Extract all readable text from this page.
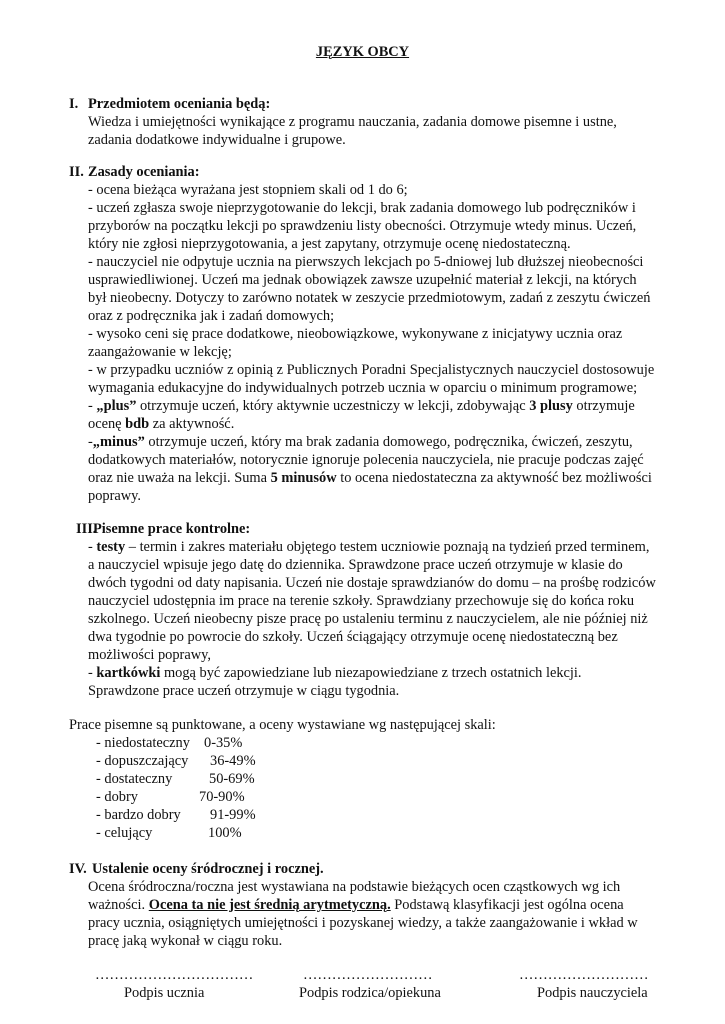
JĘZYK OBCY
I. Przedmiotem oceniania będą:
Wiedza i umiejętności wynikające z programu nauczania, zadania domowe pisemne i ustne,
zadania dodatkowe indywidualne i grupowe.
II. Zasady oceniania:
- ocena bieżąca wyrażana jest stopniem skali od 1 do 6;
- uczeń zgłasza swoje nieprzygotowanie do lekcji, brak zadania domowego lub podręczników i
przyborów na początku lekcji po sprawdzeniu listy obecności. Otrzymuje wtedy minus. Uczeń,
który nie zgłosi nieprzygotowania, a jest zapytany, otrzymuje ocenę niedostateczną.
- nauczyciel nie odpytuje ucznia na pierwszych lekcjach po 5-dniowej lub dłuższej nieobecności
usprawiedliwionej. Uczeń ma jednak obowiązek zawsze uzupełnić materiał z lekcji, na których
był nieobecny. Dotyczy to zarówno notatek w zeszycie przedmiotowym, zadań z zeszytu ćwiczeń
oraz z podręcznika jak i zadań domowych;
- wysoko ceni się prace dodatkowe, nieobowiązkowe, wykonywane z inicjatywy ucznia oraz
zaangażowanie w lekcję;
- w przypadku uczniów z opinią z Publicznych Poradni Specjalistycznych nauczyciel dostosowuje
wymagania edukacyjne do indywidualnych potrzeb ucznia w oparciu o minimum programowe;
- „plus” otrzymuje uczeń, który aktywnie uczestniczy w lekcji, zdobywając 3 plusy otrzymuje
ocenę bdb za aktywność.
-„minus” otrzymuje uczeń, który ma brak zadania domowego, podręcznika, ćwiczeń, zeszytu,
dodatkowych materiałów, notorycznie ignoruje polecenia nauczyciela, nie pracuje podczas zajęć
oraz nie uważa na lekcji. Suma 5 minusów to ocena niedostateczna za aktywność bez możliwości
poprawy.
III.
Pisemne prace kontrolne:
- testy – termin i zakres materiału objętego testem uczniowie poznają na tydzień przed terminem,
a nauczyciel wpisuje jego datę do dziennika. Sprawdzone prace uczeń otrzymuje w klasie do
dwóch tygodni od daty napisania. Uczeń nie dostaje sprawdzianów do domu – na prośbę rodziców
nauczyciel udostępnia im prace na terenie szkoły. Sprawdziany przechowuje się do końca roku
szkolnego. Uczeń nieobecny pisze pracę po ustaleniu terminu z nauczycielem, ale nie później niż
dwa tygodnie po powrocie do szkoły. Uczeń ściągający otrzymuje ocenę niedostateczną bez
możliwości poprawy,
- kartkówki mogą być zapowiedziane lub niezapowiedziane z trzech ostatnich lekcji.
Sprawdzone prace uczeń otrzymuje w ciągu tygodnia.
Prace pisemne są punktowane, a oceny wystawiane wg następującej skali:
- niedostateczny 0-35%
- dopuszczający 36-49%
- dostateczny	50-69%
- dobry	70-90%
- bardzo dobry 91-99%
- celujący	100%
IV. Ustalenie oceny śródrocznej i rocznej.
Ocena śródroczna/roczna jest wystawiana na podstawie bieżących ocen cząstkowych wg ich
ważności. Ocena ta nie jest średnią arytmetyczną. Podstawą klasyfikacji jest ogólna ocena
pracy ucznia, osiągniętych umiejętności i pozyskanej wiedzy, a także zaangażowanie i wkład w
pracę jaką wykonał w ciągu roku.
……………………………	………………………	………………………
Podpis ucznia	Podpis rodzica/opiekuna	Podpis nauczyciela
